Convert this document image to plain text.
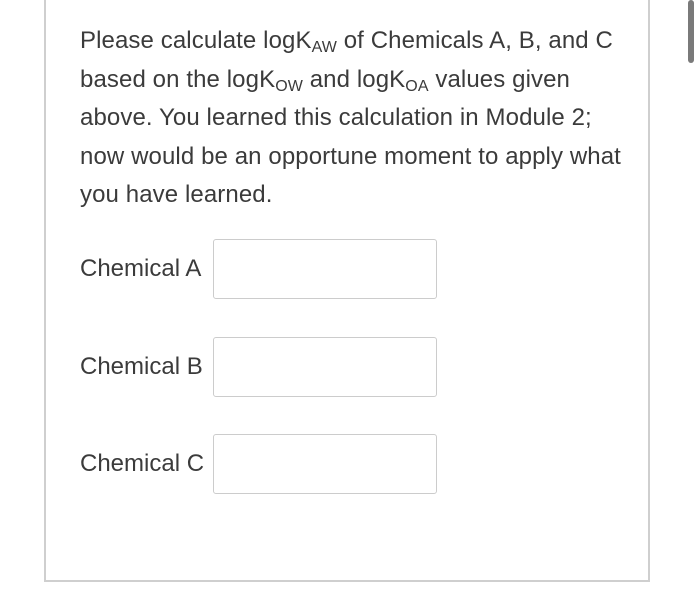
Please calculate logK$_{AW}$ of Chemicals A, B, and C based on the logK$_{OW}$ and logK$_{OA}$ values given above. You learned this calculation in Module 2; now would be an opportune moment to apply what you have learned.
Chemical A
Chemical B
Chemical C
